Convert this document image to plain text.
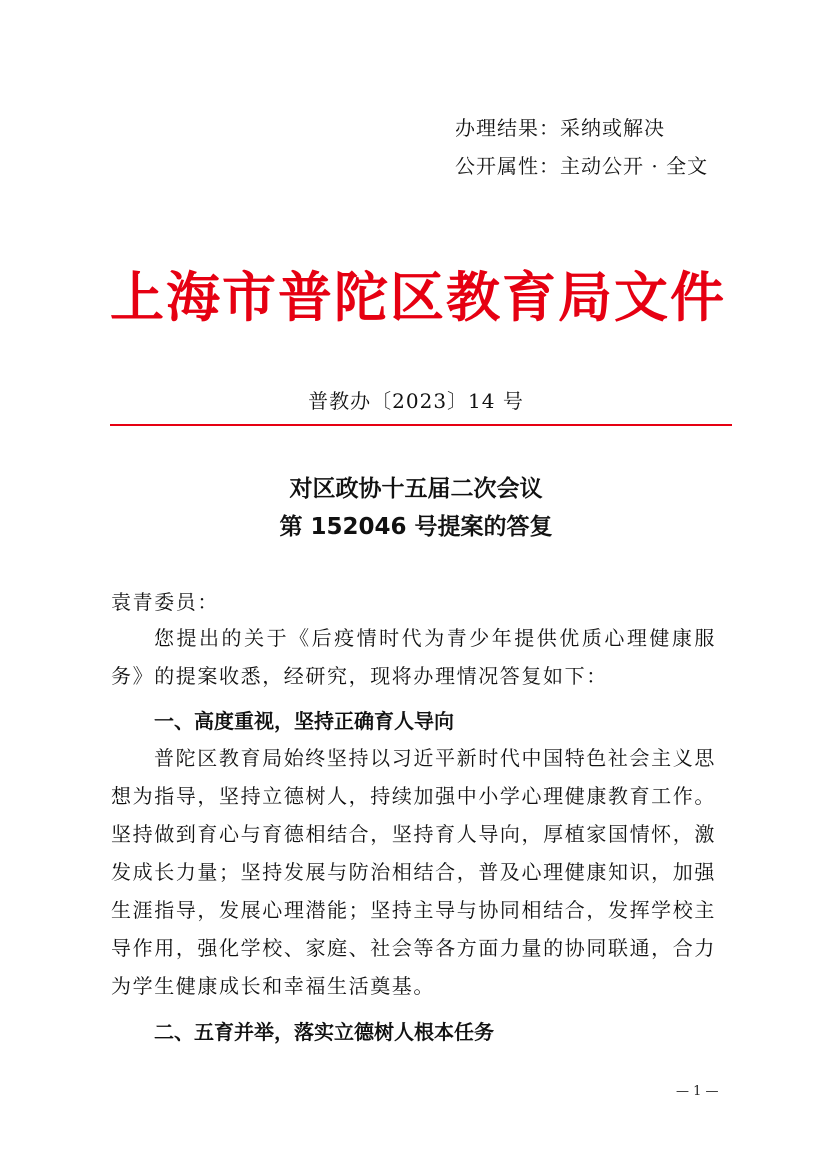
办理结果：采纳或解决
公开属性：主动公开 · 全文
上海市普陀区教育局文件
普教办〔2023〕14 号
对区政协十五届二次会议
第 152046 号提案的答复
袁青委员：
您提出的关于《后疫情时代为青少年提供优质心理健康服务》的提案收悉，经研究，现将办理情况答复如下：
一、高度重视，坚持正确育人导向
普陀区教育局始终坚持以习近平新时代中国特色社会主义思想为指导，坚持立德树人，持续加强中小学心理健康教育工作。坚持做到育心与育德相结合，坚持育人导向，厚植家国情怀，激发成长力量；坚持发展与防治相结合，普及心理健康知识，加强生涯指导，发展心理潜能；坚持主导与协同相结合，发挥学校主导作用，强化学校、家庭、社会等各方面力量的协同联通，合力为学生健康成长和幸福生活奠基。
二、五育并举，落实立德树人根本任务
— 1 —
